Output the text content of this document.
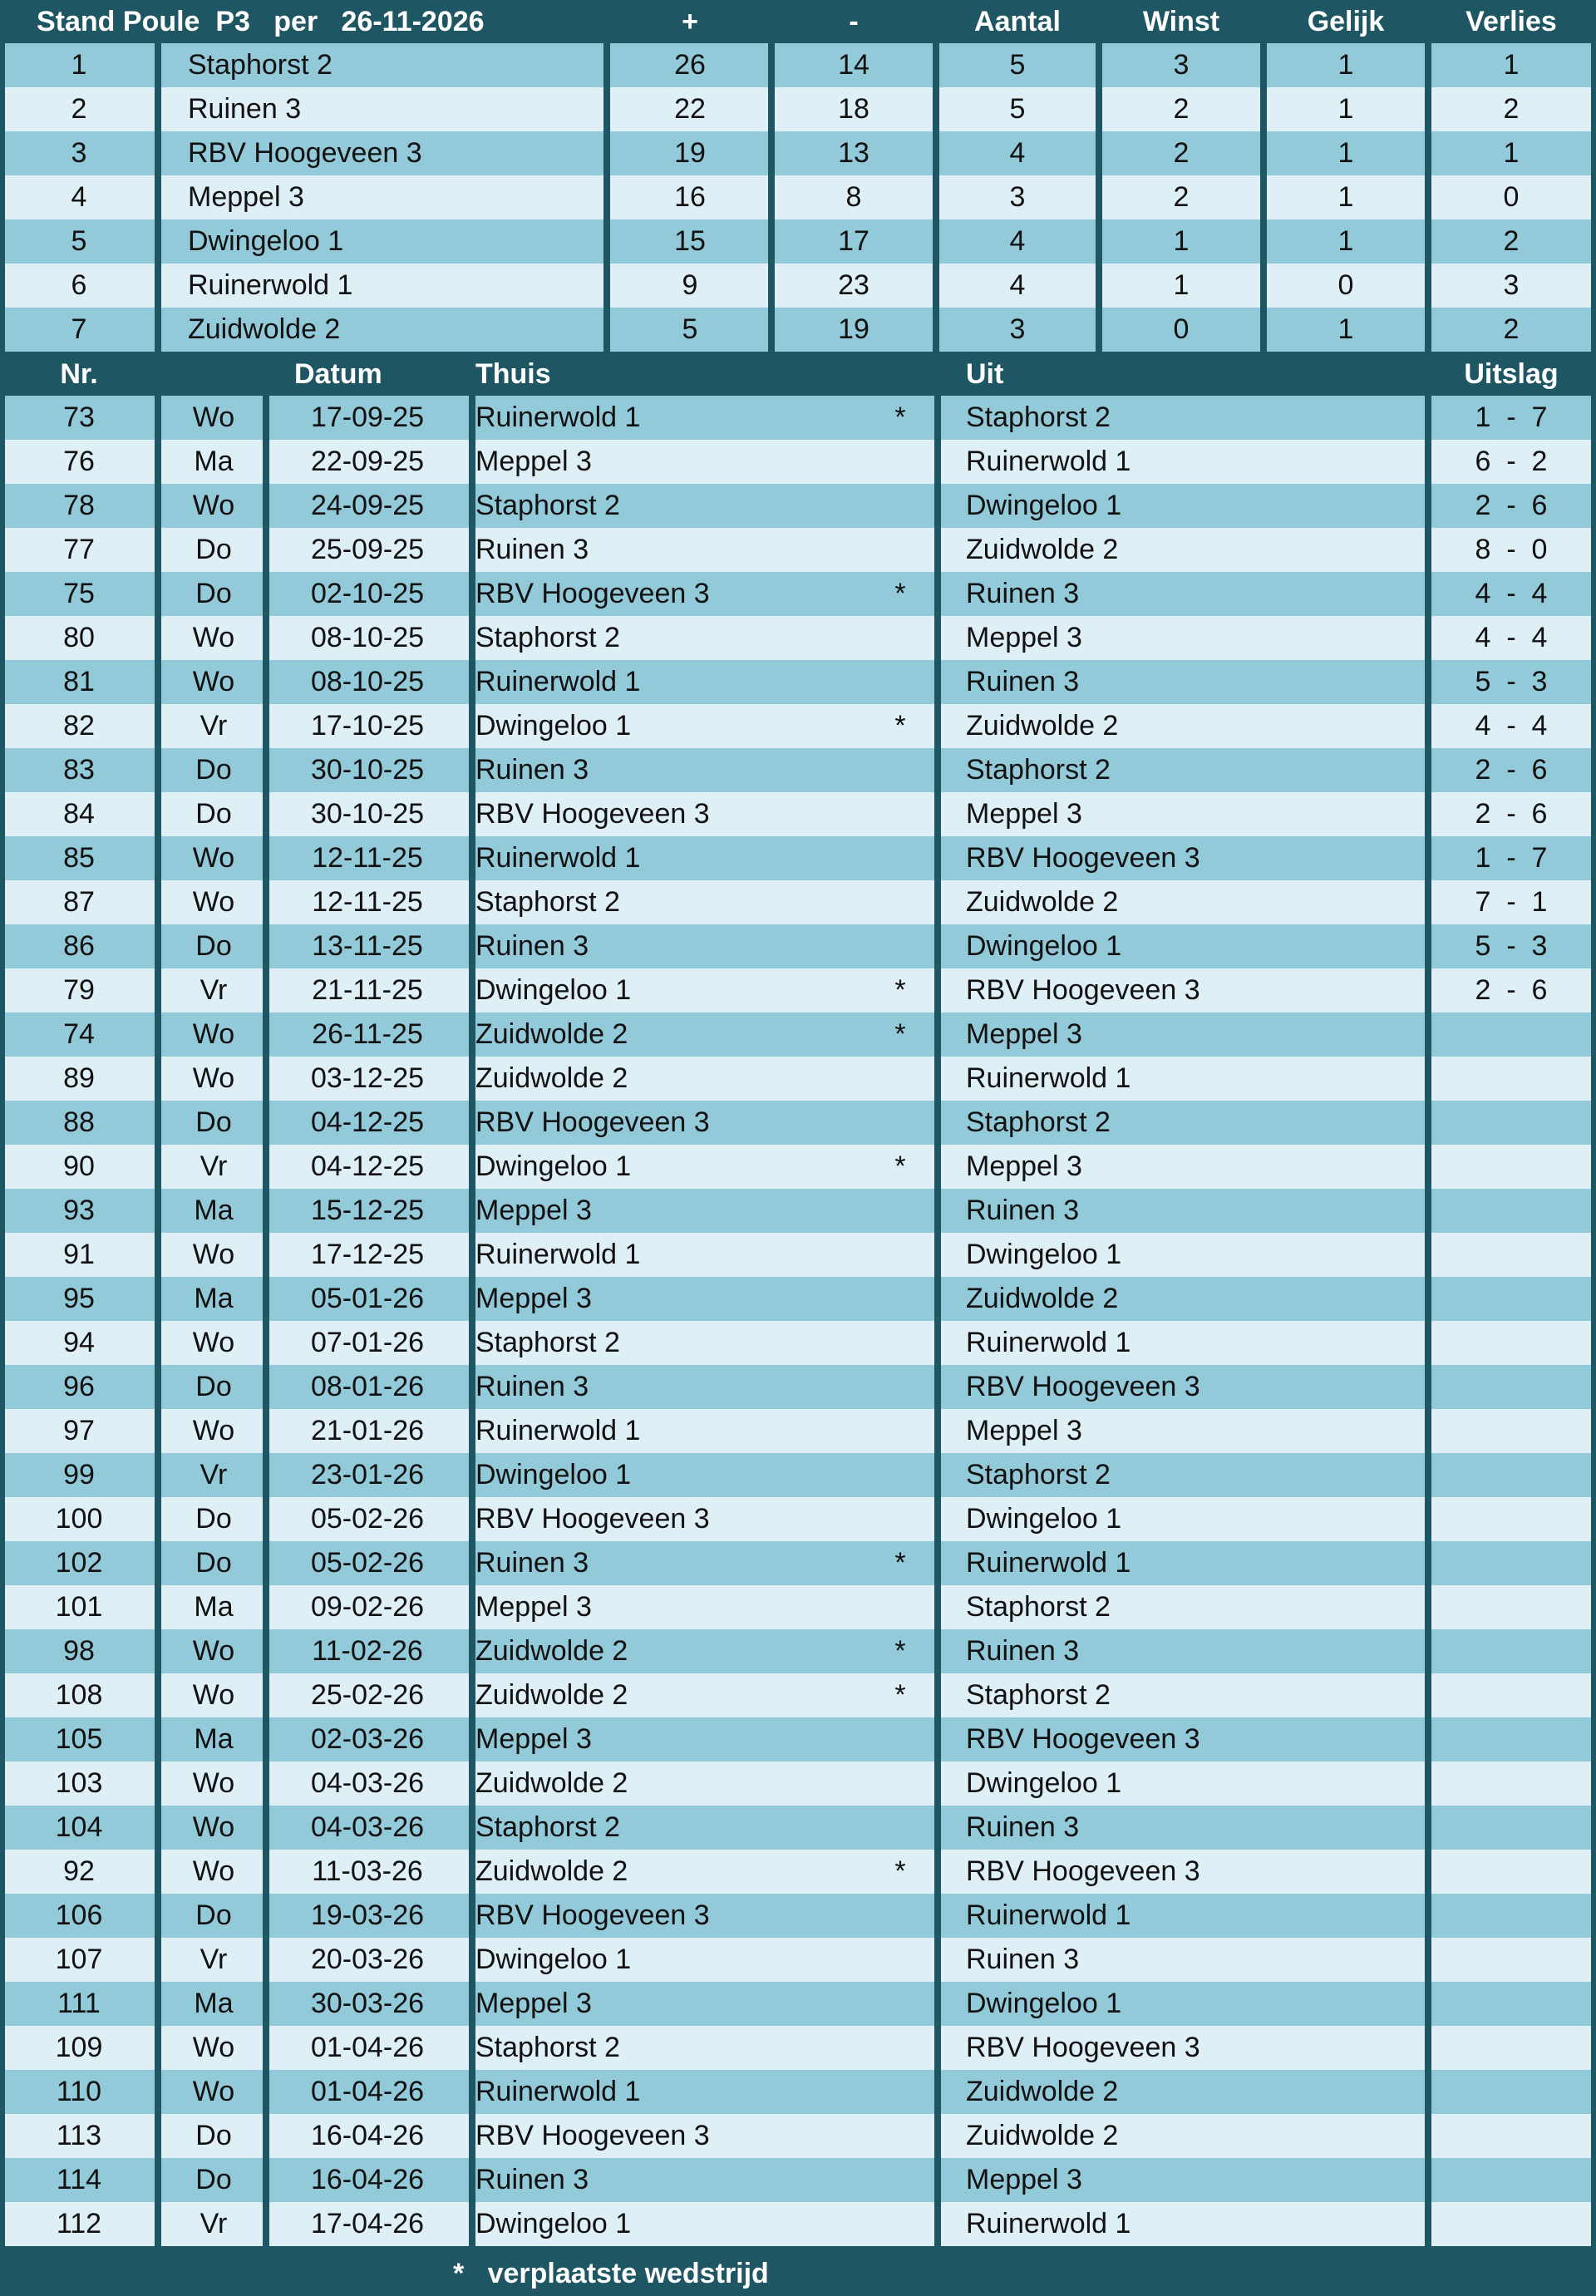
Stand Poule  P3   per   26-11-2026	+	-	Aantal	Winst	Gelijk	Verlies
1	Staphorst 2	26	14	5	3	1	1
2	Ruinen 3	22	18	5	2	1	2
3	RBV Hoogeveen 3	19	13	4	2	1	1
4	Meppel 3	16	8	3	2	1	0
5	Dwingeloo 1	15	17	4	1	1	2
6	Ruinerwold 1	9	23	4	1	0	3
7	Zuidwolde 2	5	19	3	0	1	2
Nr.	Datum	Thuis	Uit	Uitslag
73	Wo	17-09-25	Ruinerwold 1	*	Staphorst 2	1  -  7
76	Ma	22-09-25	Meppel 3	Ruinerwold 1	6  -  2
78	Wo	24-09-25	Staphorst 2	Dwingeloo 1	2  -  6
77	Do	25-09-25	Ruinen 3	Zuidwolde 2	8  -  0
75	Do	02-10-25	RBV Hoogeveen 3	*	Ruinen 3	4  -  4
80	Wo	08-10-25	Staphorst 2	Meppel 3	4  -  4
81	Wo	08-10-25	Ruinerwold 1	Ruinen 3	5  -  3
82	Vr	17-10-25	Dwingeloo 1	*	Zuidwolde 2	4  -  4
83	Do	30-10-25	Ruinen 3	Staphorst 2	2  -  6
84	Do	30-10-25	RBV Hoogeveen 3	Meppel 3	2  -  6
85	Wo	12-11-25	Ruinerwold 1	RBV Hoogeveen 3	1  -  7
87	Wo	12-11-25	Staphorst 2	Zuidwolde 2	7  -  1
86	Do	13-11-25	Ruinen 3	Dwingeloo 1	5  -  3
79	Vr	21-11-25	Dwingeloo 1	*	RBV Hoogeveen 3	2  -  6
74	Wo	26-11-25	Zuidwolde 2	*	Meppel 3
89	Wo	03-12-25	Zuidwolde 2	Ruinerwold 1
88	Do	04-12-25	RBV Hoogeveen 3	Staphorst 2
90	Vr	04-12-25	Dwingeloo 1	*	Meppel 3
93	Ma	15-12-25	Meppel 3	Ruinen 3
91	Wo	17-12-25	Ruinerwold 1	Dwingeloo 1
95	Ma	05-01-26	Meppel 3	Zuidwolde 2
94	Wo	07-01-26	Staphorst 2	Ruinerwold 1
96	Do	08-01-26	Ruinen 3	RBV Hoogeveen 3
97	Wo	21-01-26	Ruinerwold 1	Meppel 3
99	Vr	23-01-26	Dwingeloo 1	Staphorst 2
100	Do	05-02-26	RBV Hoogeveen 3	Dwingeloo 1
102	Do	05-02-26	Ruinen 3	*	Ruinerwold 1
101	Ma	09-02-26	Meppel 3	Staphorst 2
98	Wo	11-02-26	Zuidwolde 2	*	Ruinen 3
108	Wo	25-02-26	Zuidwolde 2	*	Staphorst 2
105	Ma	02-03-26	Meppel 3	RBV Hoogeveen 3
103	Wo	04-03-26	Zuidwolde 2	Dwingeloo 1
104	Wo	04-03-26	Staphorst 2	Ruinen 3
92	Wo	11-03-26	Zuidwolde 2	*	RBV Hoogeveen 3
106	Do	19-03-26	RBV Hoogeveen 3	Ruinerwold 1
107	Vr	20-03-26	Dwingeloo 1	Ruinen 3
111	Ma	30-03-26	Meppel 3	Dwingeloo 1
109	Wo	01-04-26	Staphorst 2	RBV Hoogeveen 3
110	Wo	01-04-26	Ruinerwold 1	Zuidwolde 2
113	Do	16-04-26	RBV Hoogeveen 3	Zuidwolde 2
114	Do	16-04-26	Ruinen 3	Meppel 3
112	Vr	17-04-26	Dwingeloo 1	Ruinerwold 1
*   verplaatste wedstrijd
